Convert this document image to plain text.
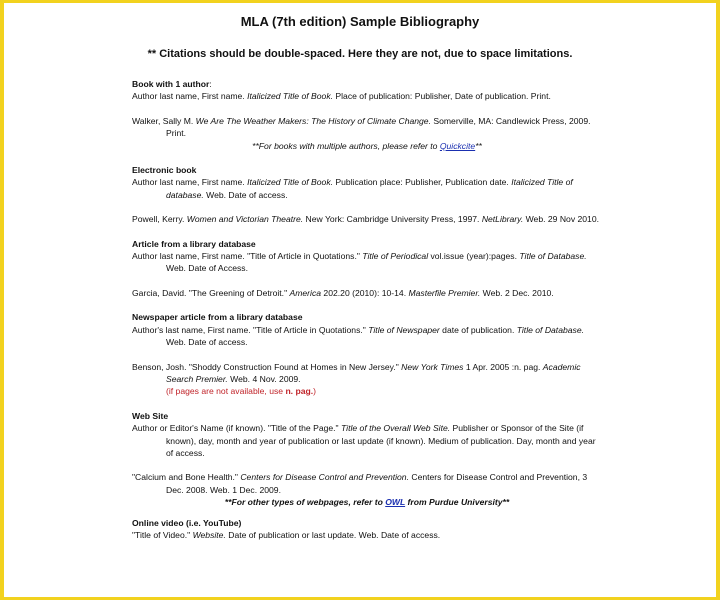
MLA (7th edition) Sample Bibliography
** Citations should be double-spaced. Here they are not, due to space limitations.
Book with 1 author:

Author last name, First name. Italicized Title of Book. Place of publication: Publisher, Date of publication. Print.

Walker, Sally M. We Are The Weather Makers: The History of Climate Change. Somerville, MA: Candlewick Press, 2009. Print.

**For books with multiple authors, please refer to Quickcite**

Electronic book

Author last name, First name. Italicized Title of Book. Publication place: Publisher, Publication date. Italicized Title of database. Web. Date of access.

Powell, Kerry. Women and Victorian Theatre. New York: Cambridge University Press, 1997. NetLibrary. Web. 29 Nov 2010.

Article from a library database

Author last name, First name. "Title of Article in Quotations." Title of Periodical vol.issue (year):pages. Title of Database. Web. Date of Access.

Garcia, David. "The Greening of Detroit." America 202.20 (2010): 10-14. Masterfile Premier. Web. 2 Dec. 2010.

Newspaper article from a library database

Author's last name, First name. "Title of Article in Quotations." Title of Newspaper date of publication. Title of Database. Web. Date of access.

Benson, Josh. "Shoddy Construction Found at Homes in New Jersey." New York Times 1 Apr. 2005 :n. pag. Academic Search Premier. Web. 4 Nov. 2009.
(if pages are not available, use n. pag.)

Web Site

Author or Editor's Name (if known). "Title of the Page." Title of the Overall Web Site. Publisher or Sponsor of the Site (if known), day, month and year of publication or last update (if known). Medium of publication. Day, month and year of access.

"Calcium and Bone Health." Centers for Disease Control and Prevention. Centers for Disease Control and Prevention, 3 Dec. 2008. Web. 1 Dec. 2009.

**For other types of webpages, refer to OWL from Purdue University**

Online video (i.e. YouTube)

"Title of Video." Website. Date of publication or last update. Web. Date of access.
